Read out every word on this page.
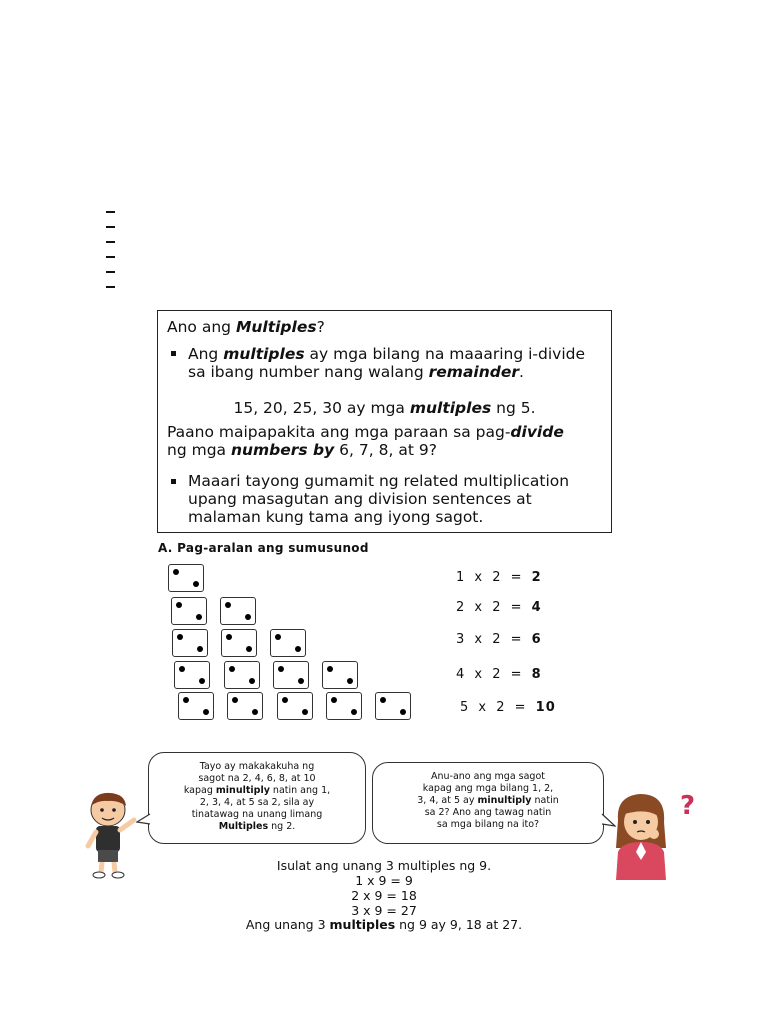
Ano ang Multiples?
Ang multiples ay mga bilang na maaaring i-divide
sa ibang number nang walang remainder.
15, 20, 25, 30 ay mga multiples ng 5.
Paano maipapakita ang mga paraan sa pag-divide
ng mga numbers by 6, 7, 8, at 9?
Maaari tayong gumamit ng related multiplication
upang masagutan ang division sentences at
malaman kung tama ang iyong sagot.
A. Pag-aralan ang sumusunod
1 x 2 = 2
2 x 2 = 4
3 x 2 = 6
4 x 2 = 8
5 x 2 = 10

Tayo ay makakakuha ng

sagot na 2, 4, 6, 8, at 10

kapag minultiply natin ang 1,

2, 3, 4, at 5 sa 2, sila ay

tinatawag na unang limang

Multiples ng 2.

Anu-ano ang mga sagot

kapag ang mga bilang 1, 2,

3, 4, at 5 ay minultiply natin

sa 2? Ano ang tawag natin

sa mga bilang na ito?

?
Isulat ang unang 3 multiples ng 9.
1 x 9 = 9
2 x 9 = 18
3 x 9 = 27
Ang unang 3 multiples ng 9 ay 9, 18 at 27.
